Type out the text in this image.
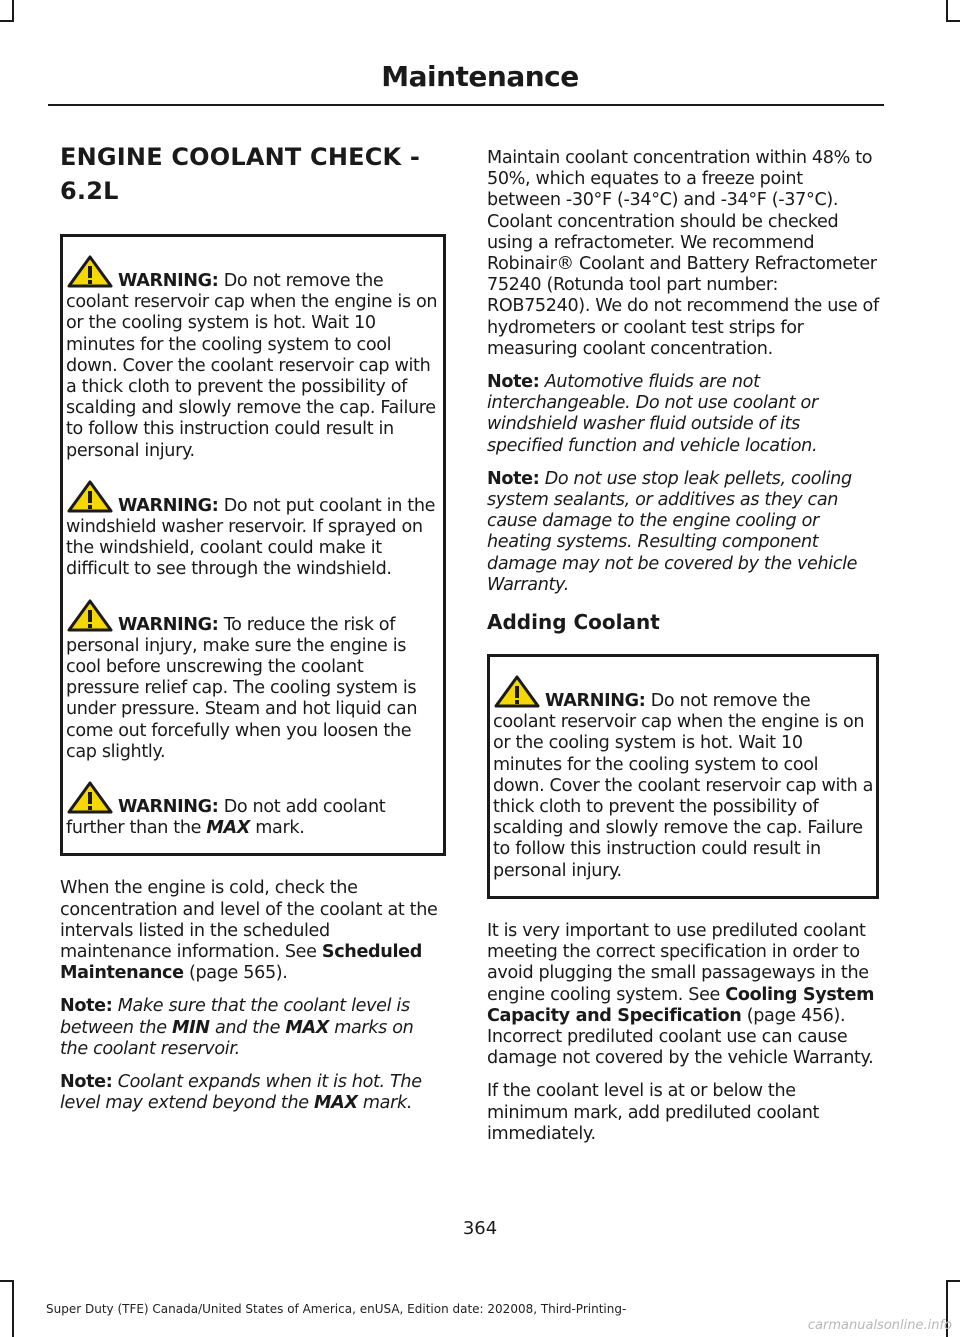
Maintenance
ENGINE COOLANT CHECK -
6.2L
WARNING: Do not remove the coolant reservoir cap when the engine is on or the cooling system is hot. Wait 10 minutes for the cooling system to cool down. Cover the coolant reservoir cap with a thick cloth to prevent the possibility of scalding and slowly remove the cap. Failure to follow this instruction could result in personal injury.
WARNING: Do not put coolant in the windshield washer reservoir. If sprayed on the windshield, coolant could make it difficult to see through the windshield.
WARNING: To reduce the risk of personal injury, make sure the engine is cool before unscrewing the coolant pressure relief cap. The cooling system is under pressure. Steam and hot liquid can come out forcefully when you loosen the cap slightly.
WARNING: Do not add coolant further than the MAX mark.

When the engine is cold, check the concentration and level of the coolant at the intervals listed in the scheduled maintenance information. See Scheduled Maintenance (page 565).

Note: Make sure that the coolant level is between the MIN and the MAX marks on the coolant reservoir.

Note: Coolant expands when it is hot. The level may extend beyond the MAX mark.

Maintain coolant concentration within 48% to 50%, which equates to a freeze point between -30°F (-34°C) and -34°F (-37°C). Coolant concentration should be checked using a refractometer. We recommend Robinair® Coolant and Battery Refractometer 75240 (Rotunda tool part number: ROB75240). We do not recommend the use of hydrometers or coolant test strips for measuring coolant concentration.

Note: Automotive fluids are not interchangeable. Do not use coolant or windshield washer fluid outside of its specified function and vehicle location.

Note: Do not use stop leak pellets, cooling system sealants, or additives as they can cause damage to the engine cooling or heating systems. Resulting component damage may not be covered by the vehicle Warranty.

Adding Coolant
WARNING: Do not remove the coolant reservoir cap when the engine is on or the cooling system is hot. Wait 10 minutes for the cooling system to cool down. Cover the coolant reservoir cap with a thick cloth to prevent the possibility of scalding and slowly remove the cap. Failure to follow this instruction could result in personal injury.

It is very important to use prediluted coolant meeting the correct specification in order to avoid plugging the small passageways in the engine cooling system. See Cooling System Capacity and Specification (page 456). Incorrect prediluted coolant use can cause damage not covered by the vehicle Warranty.

If the coolant level is at or below the minimum mark, add prediluted coolant immediately.

364
Super Duty (TFE) Canada/United States of America, enUSA, Edition date: 202008, Third-Printing-
carmanualsonline.info
